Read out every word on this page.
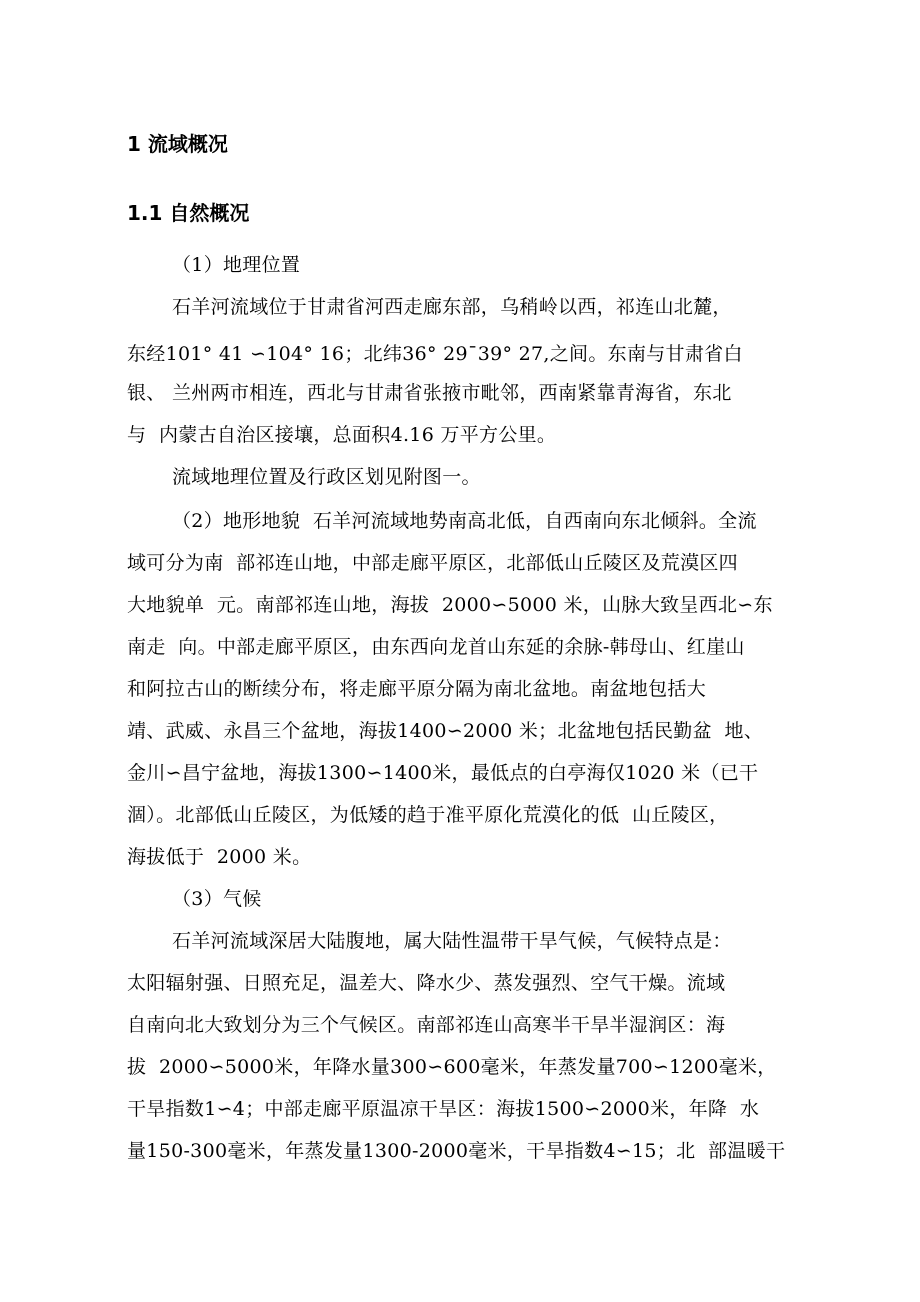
1 流域概况
1.1 自然概况
（1）地理位置
石羊河流域位于甘肃省河西走廊东部，乌稍岭以西，祁连山北麓，
东经101° 41 ∽104° 16；北纬36° 29ˉ39° 27,之间。东南与甘肃省白
银、 兰州两市相连，西北与甘肃省张掖市毗邻，西南紧靠青海省，东北
与  内蒙古自治区接壤，总面积4.16 万平方公里。
流域地理位置及行政区划见附图一。
（2）地形地貌  石羊河流域地势南高北低，自西南向东北倾斜。全流
域可分为南  部祁连山地，中部走廊平原区，北部低山丘陵区及荒漠区四
大地貌单  元。南部祁连山地，海拔  2000∽5000 米，山脉大致呈西北∽东
南走  向。中部走廊平原区，由东西向龙首山东延的余脉-韩母山、红崖山
和阿拉古山的断续分布，将走廊平原分隔为南北盆地。南盆地包括大
靖、武威、永昌三个盆地，海拔1400∽2000 米；北盆地包括民勤盆  地、
金川∽昌宁盆地，海拔1300∽1400米，最低点的白亭海仅1020 米（已干
涸）。北部低山丘陵区，为低矮的趋于准平原化荒漠化的低  山丘陵区，
海拔低于  2000 米。
（3）气候
石羊河流域深居大陆腹地，属大陆性温带干旱气候，气候特点是：
太阳辐射强、日照充足，温差大、降水少、蒸发强烈、空气干燥。流域
自南向北大致划分为三个气候区。南部祁连山高寒半干旱半湿润区：海
拔  2000∽5000米，年降水量300∽600毫米，年蒸发量700∽1200毫米，
干旱指数1∽4；中部走廊平原温凉干旱区：海拔1500∽2000米，年降  水
量150-300毫米，年蒸发量1300-2000毫米，干旱指数4∽15；北  部温暖干
